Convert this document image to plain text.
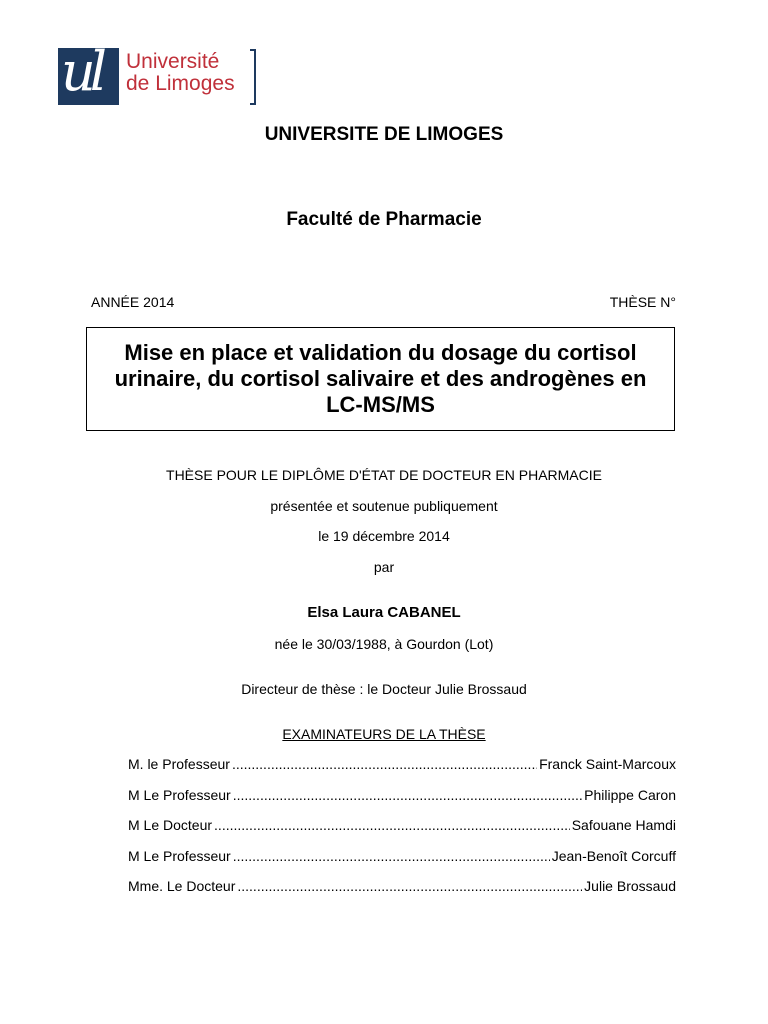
ul Université
de Limoges
UNIVERSITE DE LIMOGES
Faculté de Pharmacie
ANNÉE 2014	THÈSE N°
Mise en place et validation du dosage du cortisol urinaire, du cortisol salivaire et des androgènes en LC-MS/MS
THÈSE POUR LE DIPLÔME D'ÉTAT DE DOCTEUR EN PHARMACIE
présentée et soutenue publiquement
le 19 décembre 2014
par
Elsa Laura CABANEL
née le 30/03/1988, à Gourdon (Lot)
Directeur de thèse : le Docteur Julie Brossaud
EXAMINATEURS DE LA THÈSE
M. le Professeur .....	Franck Saint-Marcoux
M Le Professeur .....	Philippe Caron
M Le Docteur .....	Safouane Hamdi
M Le Professeur .....	Jean-Benoît Corcuff
Mme. Le Docteur .....	Julie Brossaud
